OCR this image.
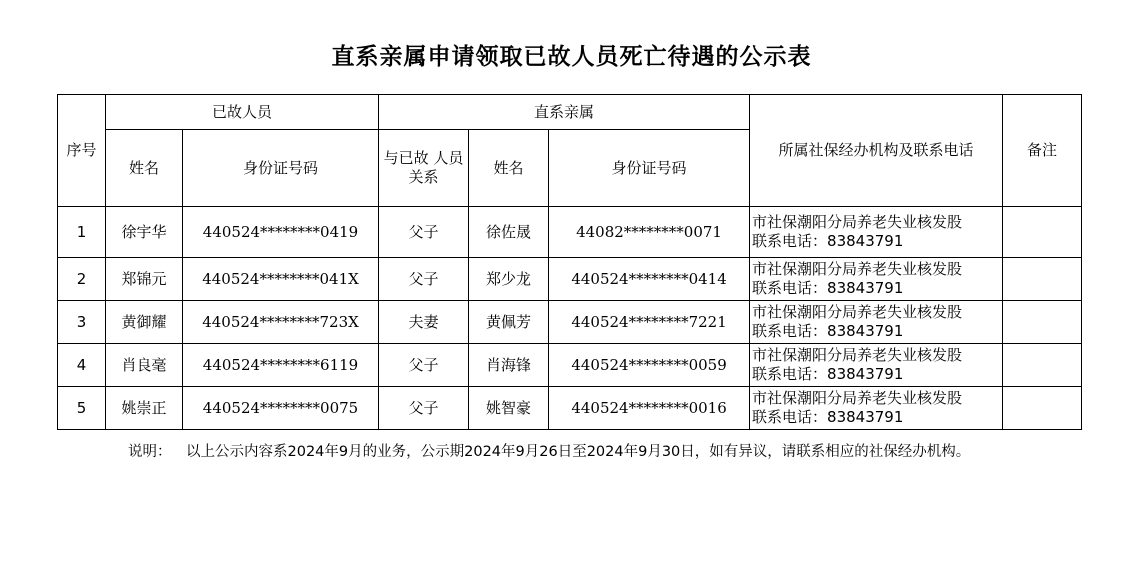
直系亲属申请领取已故人员死亡待遇的公示表
序号	已故人员		直系亲属			所属社保经办机构及联系电话	备注
	姓名	身份证号码	与已故 人员关系	姓名	身份证号码		
1	徐宇华	440524********0419	父子	徐佐晟	44082********0071	市社保潮阳分局养老失业核发股
联系电话：83843791	

2	郑锦元	440524********041X	父子	郑少龙	440524********0414	市社保潮阳分局养老失业核发股
联系电话：83843791	

3	黄御耀	440524********723X	夫妻	黄佩芳	440524********7221	市社保潮阳分局养老失业核发股
联系电话：83843791	

4	肖良毫	440524********6119	父子	肖海锋	440524********0059	市社保潮阳分局养老失业核发股
联系电话：83843791	

5	姚崇正	440524********0075	父子	姚智豪	440524********0016	市社保潮阳分局养老失业核发股
联系电话：83843791	

说明：	以上公示内容系2024年9月的业务，公示期2024年9月26日至2024年9月30日，如有异议，请联系相应的社保经办机构。
